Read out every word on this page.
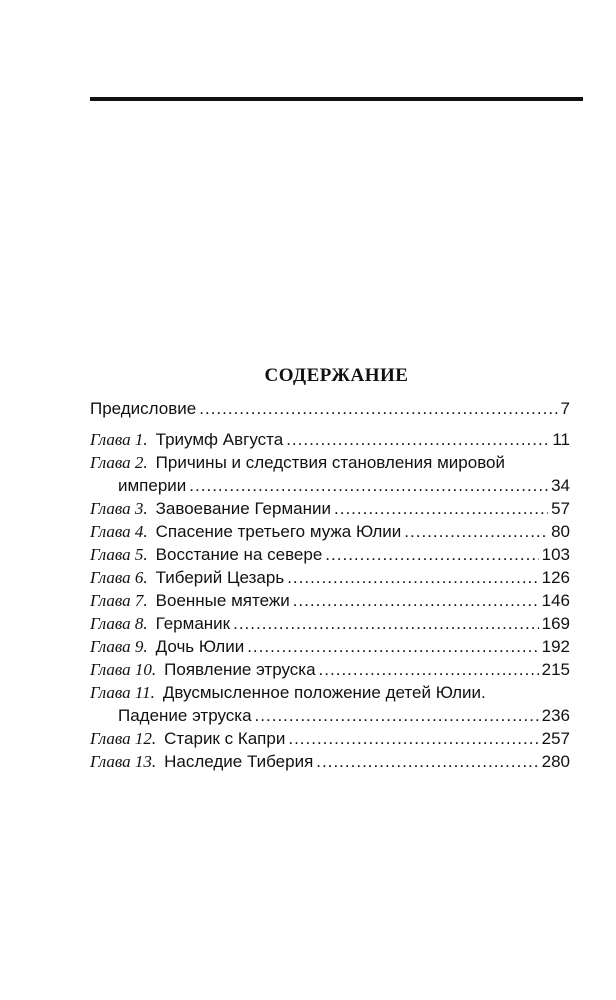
СОДЕРЖАНИЕ
Предисловие .....	7
Глава 1. Триумф Августа .....	11
Глава 2. Причины и следствия становления мировой
империи .....	34
Глава 3. Завоевание Германии .....	57
Глава 4. Спасение третьего мужа Юлии .....	80
Глава 5. Восстание на севере .....	103
Глава 6. Тиберий Цезарь .....	126
Глава 7. Военные мятежи .....	146
Глава 8. Германик .....	169
Глава 9. Дочь Юлии .....	192
Глава 10. Появление этруска .....	215
Глава 11. Двусмысленное положение детей Юлии.
Падение этруска .....	236
Глава 12. Старик с Капри .....	257
Глава 13. Наследие Тиберия .....	280
